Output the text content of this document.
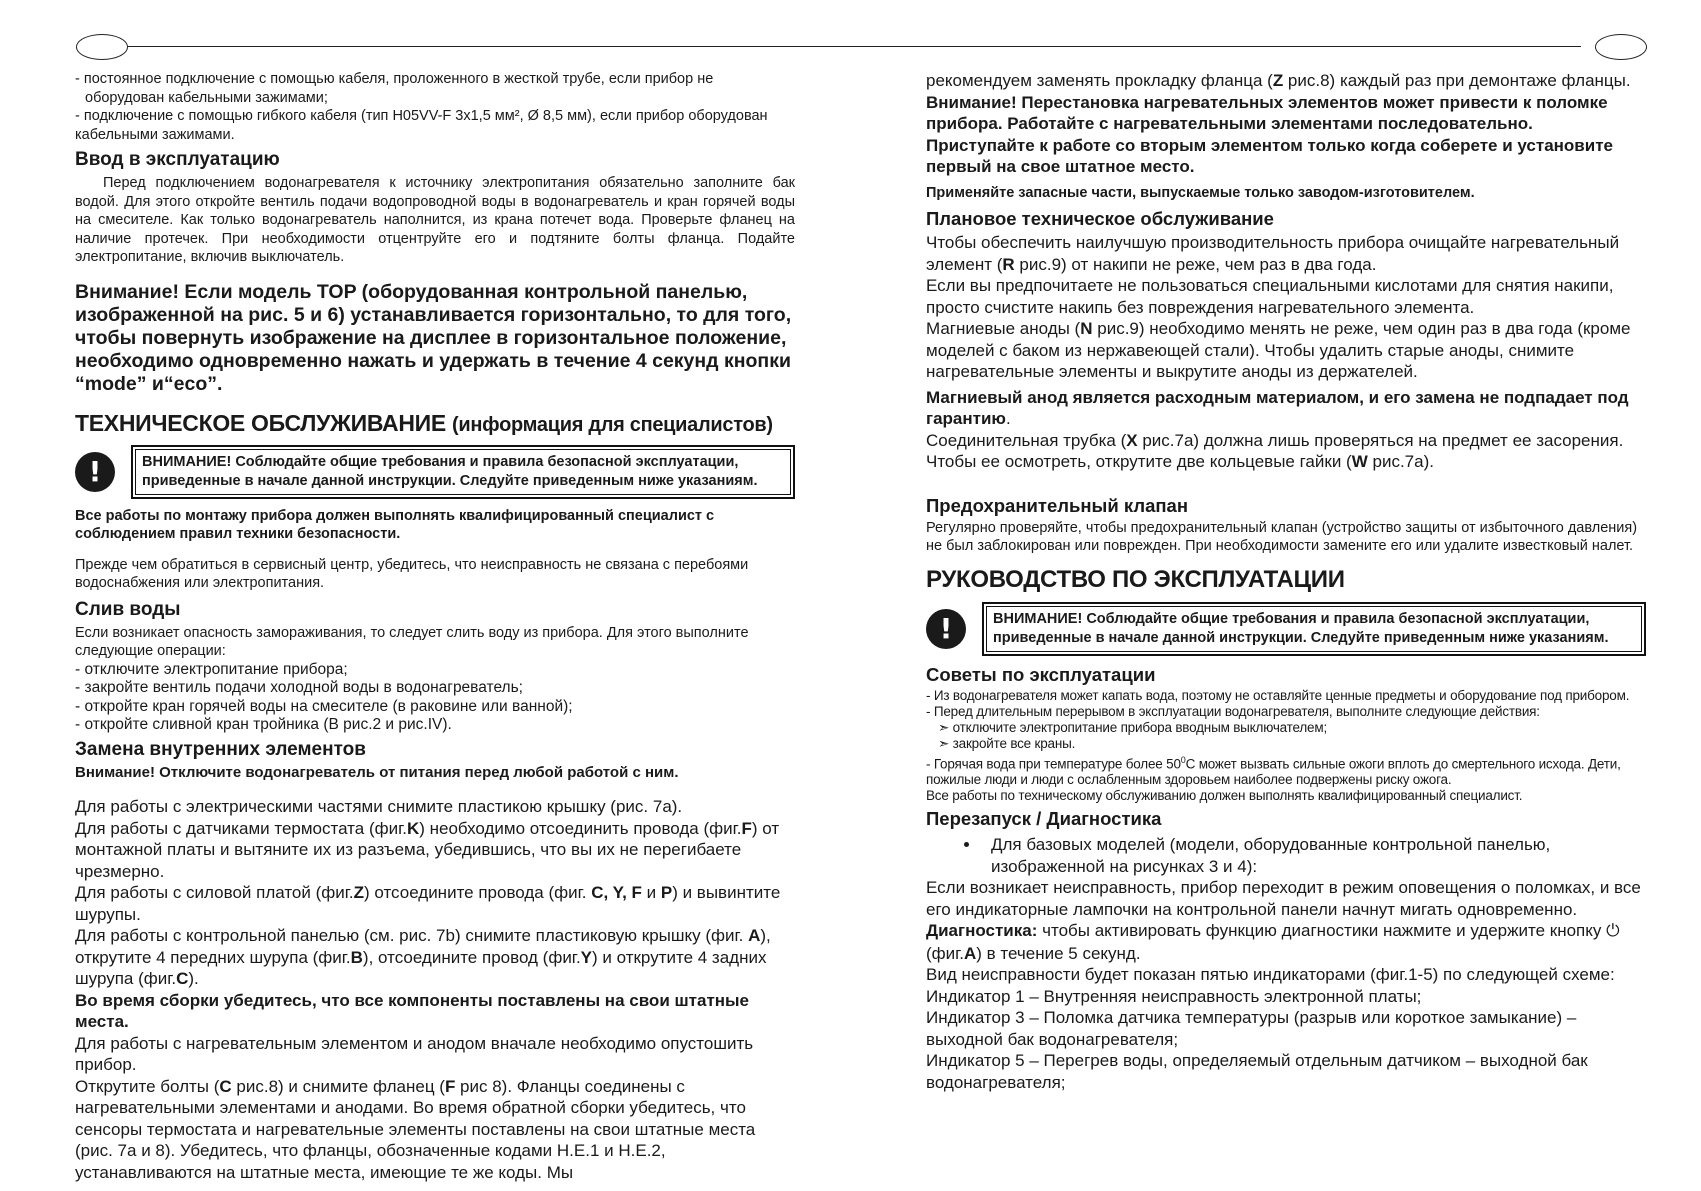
- постоянное подключение с помощью кабеля, проложенного в жесткой трубе, если прибор не оборудован кабельными зажимами;

- подключение с помощью гибкого кабеля (тип H05VV-F 3x1,5 мм², Ø 8,5 мм), если прибор оборудован кабельными зажимами.

Ввод в эксплуатацию

Перед подключением водонагревателя к источнику электропитания обязательно заполните бак водой. Для этого откройте вентиль подачи водопроводной воды в водонагреватель и кран горячей воды на смесителе. Как только водонагреватель наполнится, из крана потечет вода. Проверьте фланец на наличие протечек. При необходимости отцентруйте его и подтяните болты фланца. Подайте электропитание, включив выключатель.

Внимание! Если модель TOP (оборудованная контрольной панелью, изображенной на рис. 5 и 6) устанавливается горизонтально, то для того, чтобы повернуть изображение на дисплее в горизонтальное положение, необходимо одновременно нажать и удержать в течение 4 секунд кнопки “mode” и“eco”.

ТЕХНИЧЕСКОЕ ОБСЛУЖИВАНИЕ (информация для специалистов)
!	ВНИМАНИЕ! Соблюдайте общие требования и правила безопасной эксплуатации, приведенные в начале данной инструкции. Следуйте приведенным ниже указаниям.

Все работы по монтажу прибора должен выполнять квалифицированный специалист с соблюдением правил техники безопасности.

Прежде чем обратиться в сервисный центр, убедитесь, что неисправность не связана с перебоями водоснабжения или электропитания.

Слив воды

Если возникает опасность замораживания, то следует слить воду из прибора. Для этого выполните следующие операции:

- отключите электропитание прибора;

- закройте вентиль подачи холодной воды в водонагреватель;

- откройте кран горячей воды на смесителе (в раковине или ванной);

- откройте сливной кран тройника (B рис.2 и рис.IV).

Замена внутренних элементов

Внимание! Отключите водонагреватель от питания перед любой работой с ним.

Для работы с электрическими частями снимите пластикою крышку (рис. 7a).

Для работы с датчиками термостата (фиг.K) необходимо отсоединить провода (фиг.F) от монтажной платы и вытяните их из разъема, убедившись, что вы их не перегибаете чрезмерно.

Для работы с силовой платой (фиг.Z) отсоедините провода (фиг. C, Y, F и P) и вывинтите шурупы.

Для работы с контрольной панелью (см. рис. 7b) снимите пластиковую крышку (фиг. A), открутите 4 передних шурупа (фиг.B), отсоедините провод (фиг.Y) и открутите 4 задних шурупа (фиг.C).

Во время сборки убедитесь, что все компоненты поставлены на свои штатные места.

Для работы с нагревательным элементом и анодом вначале необходимо опустошить прибор.

Открутите болты (C рис.8) и снимите фланец (F рис 8). Фланцы соединены с нагревательными элементами и анодами. Во время обратной сборки убедитесь, что сенсоры термостата и нагревательные элементы поставлены на свои штатные места (рис. 7a и 8). Убедитесь, что фланцы, обозначенные кодами H.E.1 и H.E.2, устанавливаются на штатные места, имеющие те же коды. Мы

рекомендуем заменять прокладку фланца (Z рис.8) каждый раз при демонтаже фланцы.

Внимание! Перестановка нагревательных элементов может привести к поломке прибора. Работайте с нагревательными элементами последовательно. Приступайте к работе со вторым элементом только когда соберете и установите первый на свое штатное место.

Применяйте запасные части, выпускаемые только заводом-изготовителем.

Плановое техническое обслуживание

Чтобы обеспечить наилучшую производительность прибора очищайте нагревательный элемент (R рис.9) от накипи не реже, чем раз в два года.

Если вы предпочитаете не пользоваться специальными кислотами для снятия накипи, просто счистите накипь без повреждения нагревательного элемента.

Магниевые аноды (N рис.9) необходимо менять не реже, чем один раз в два года (кроме моделей с баком из нержавеющей стали). Чтобы удалить старые аноды, снимите нагревательные элементы и выкрутите аноды из держателей.

Магниевый анод является расходным материалом, и его замена не подпадает под гарантию.

Соединительная трубка (X рис.7a) должна лишь проверяться на предмет ее засорения. Чтобы ее осмотреть, открутите две кольцевые гайки (W рис.7a).

Предохранительный клапан

Регулярно проверяйте, чтобы предохранительный клапан (устройство защиты от избыточного давления) не был заблокирован или поврежден. При необходимости замените его или удалите известковый налет.

РУКОВОДСТВО ПО ЭКСПЛУАТАЦИИ
!	ВНИМАНИЕ! Соблюдайте общие требования и правила безопасной эксплуатации, приведенные в начале данной инструкции. Следуйте приведенным ниже указаниям.
Советы по эксплуатации

- Из водонагревателя может капать вода, поэтому не оставляйте ценные предметы и оборудование под прибором.

- Перед длительным перерывом в эксплуатации водонагревателя, выполните следующие действия:

➣ отключите электропитание прибора вводным выключателем;

➣ закройте все краны.

- Горячая вода при температуре более $50^0С$ может вызвать сильные ожоги вплоть до смертельного исхода. Дети, пожилые люди и люди с ослабленным здоровьем наиболее подвержены риску ожога.

Все работы по техническому обслуживанию должен выполнять квалифицированный специалист.

Перезапуск / Диагностика
• Для базовых моделей (модели, оборудованные контрольной панелью, изображенной на рисунках 3 и 4):

Если возникает неисправность, прибор переходит в режим оповещения о поломках, и все его индикаторные лампочки на контрольной панели начнут мигать одновременно.

Диагностика: чтобы активировать функцию диагностики нажмите и удержите кнопку ⏻ (фиг.A) в течение 5 секунд.

Вид неисправности будет показан пятью индикаторами (фиг.1-5) по следующей схеме:

Индикатор 1 – Внутренняя неисправность электронной платы;

Индикатор 3 – Поломка датчика температуры (разрыв или короткое замыкание) – выходной бак водонагревателя;

Индикатор 5 – Перегрев воды, определяемый отдельным датчиком – выходной бак водонагревателя;
